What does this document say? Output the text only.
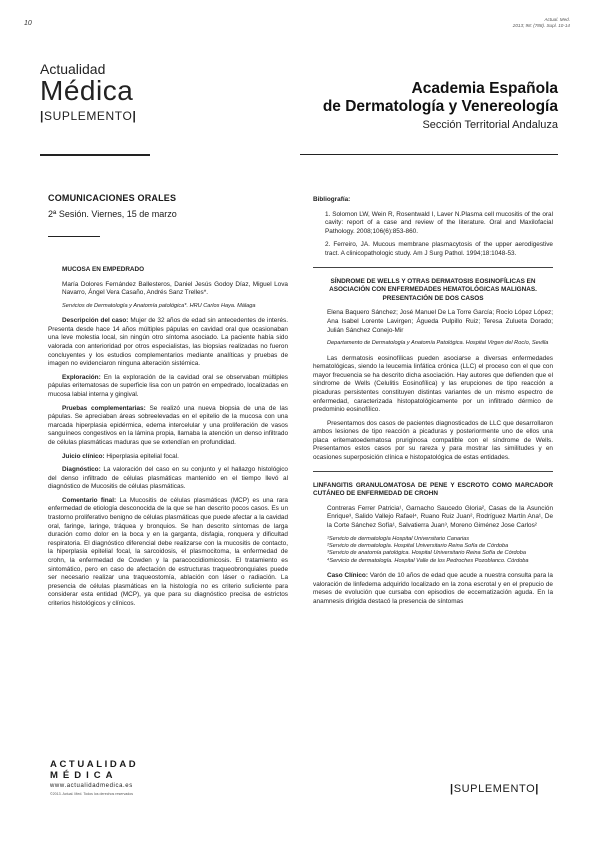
10
Actual. Med.
2013; 98: (788). Supl. 10-14
Actualidad
Médica
|SUPLEMENTO|
Academia Española
de Dermatología y Venereología
Sección Territorial Andaluza
COMUNICACIONES ORALES
2ª Sesión. Viernes, 15 de marzo
MUCOSA EN EMPEDRADO

María Dolores Fernández Ballesteros, Daniel Jesús Godoy Díaz, Miguel Lova Navarro, Ángel Vera Casaño, Andrés Sanz Trelles*.

Servicios de Dermatología y Anatomía patológica*. HRU Carlos Haya. Málaga

Descripción del caso: Mujer de 32 años de edad sin antecedentes de interés. Presenta desde hace 14 años múltiples pápulas en cavidad oral que ocasionaban una leve molestia local, sin ningún otro síntoma asociado. La paciente había sido valorada con anterioridad por otros especialistas, las biopsias realizadas no fueron concluyentes y los estudios complementarios mediante analíticas y pruebas de imagen no evidenciaron ninguna alteración sistémica.

Exploración: En la exploración de la cavidad oral se observaban múltiples pápulas eritematosas de superficie lisa con un patrón en empedrado, localizadas en mucosa labial interna y gingival.

Pruebas complementarias: Se realizó una nueva biopsia de una de las pápulas. Se apreciaban áreas sobreelevadas en el epitelio de la mucosa con una marcada hiperplasia epidérmica, edema intercelular y una proliferación de vasos sanguíneos congestivos en la lámina propia, llamaba la atención un denso infiltrado de células plasmáticas maduras que se extendían en profundidad.

Juicio clínico: Hiperplasia epitelial focal.

Diagnóstico: La valoración del caso en su conjunto y el hallazgo histológico del denso infiltrado de células plasmáticas mantenido en el tiempo llevó al diagnóstico de Mucositis de células plasmáticas.

Comentario final: La Mucositis de células plasmáticas (MCP) es una rara enfermedad de etiología desconocida de la que se han descrito pocos casos. Es un trastorno proliferativo benigno de células plasmáticas que puede afectar a la cavidad oral, faringe, laringe, tráquea y bronquios. Se han descrito síntomas de larga duración como dolor en la boca y en la garganta, disfagia, ronquera y dificultad respiratoria. El diagnóstico diferencial debe realizarse con la mucositis de contacto, la hiperplasia epitelial focal, la sarcoidosis, el plasmocitoma, la enfermedad de crohn, la enfermedad de Cowden y la paracoccidiomicosis. El tratamiento es sintomático, pero en caso de afectación de estructuras traqueobronquiales puede ser necesario realizar una traqueostomía, ablación con láser o radiación. La presencia de células plasmáticas en la histología no es criterio suficiente para considerar esta entidad (MCP), ya que para su diagnóstico precisa de estrictos criterios histológicos y clínicos.

Bibliografía:

1. Solomon LW, Wein R, Rosentwald I, Laver N.Plasma cell mucositis of the oral cavity: report of a case and review of the literature. Oral and Maxilofacial Pathology. 2008;106(6):853-860.

2. Ferreiro, JA. Mucous membrane plasmacytosis of the upper aerodigestive tract. A clinicopathologic study. Am J Surg Pathol. 1994;18:1048-53.

SÍNDROME DE WELLS Y OTRAS DERMATOSIS EOSINOFÍLICAS EN ASOCIACIÓN CON ENFERMEDADES HEMATOLÓGICAS MALIGNAS. PRESENTACIÓN DE DOS CASOS

Elena Baquero Sánchez; José Manuel De La Torre García; Rocío López López; Ana Isabel Lorente Lavirgen; Águeda Pulpillo Ruiz; Teresa Zulueta Dorado; Julián Sánchez Conejo-Mir

Departamento de Dermatología y Anatomía Patológica. Hospital Virgen del Rocío, Sevilla

Las dermatosis eosinofílicas pueden asociarse a diversas enfermedades hematológicas, siendo la leucemia linfática crónica (LLC) el proceso con el que con mayor frecuencia se ha descrito dicha asociación. Hay autores que defienden que el síndrome de Wells (Celulitis Eosinofílica) y las erupciones de tipo reacción a picaduras persistentes constituyen distintas variantes de un mismo espectro de enfermedad, caracterizada histopatológicamente por un infiltrado dérmico de predominio eosinofílico.

Presentamos dos casos de pacientes diagnosticados de LLC que desarrollaron ambos lesiones de tipo reacción a picaduras y posteriormente uno de ellos una placa eritematoedematosa pruriginosa compatible con el síndrome de Wells. Presentamos estos casos por su rareza y para mostrar las similitudes y en ocasiones superposición clínica e histopatológica de estas entidades.

LINFANGITIS GRANULOMATOSA DE PENE Y ESCROTO COMO MARCADOR CUTÁNEO DE ENFERMEDAD DE CROHN

Contreras Ferrer Patricia¹, Garnacho Saucedo Gloria², Casas de la Asunción Enrique³, Salido Vallejo Rafael⁴, Ruano Ruiz Juan², Rodríguez Martín Ana¹, De la Corte Sánchez Sofía¹, Salvatierra Juan³, Moreno Giménez Jose Carlos²

¹Servicio de dermatología Hospital Universitario Canarias
²Servicio de dermatología. Hospital Universitario Reina Sofía de Córdoba
³Servicio de anatomía patológica. Hospital Universitario Reina Sofía de Córdoba
⁴Servicio de dermatología. Hospital Valle de los Pedroches Pozoblanco. Córdoba

Caso Clínico: Varón de 10 años de edad que acude a nuestra consulta para la valoración de linfedema adquirido localizado en la zona escrotal y en el prepucio de meses de evolución que cursaba con episodios de eccematización aguda. En la anamnesis dirigida destacó la presencia de síntomas

ACTUALIDAD
MÉDICA
www.actualidadmedica.es
©2013. Actual. Med. Todos los derechos reservados	|SUPLEMENTO|
